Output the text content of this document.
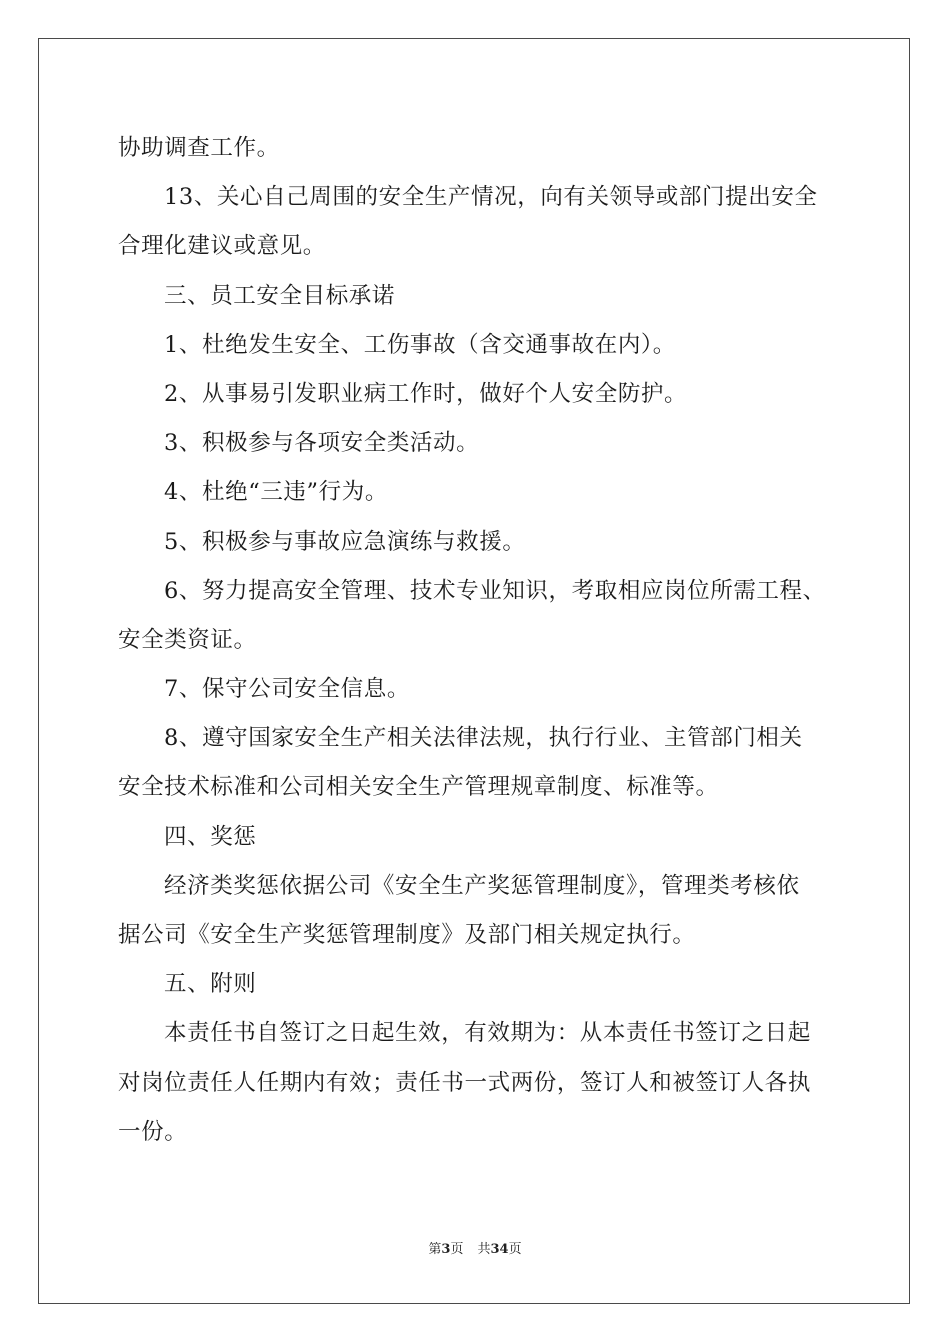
协助调查工作。
13、关心自己周围的安全生产情况，向有关领导或部门提出安全
合理化建议或意见。
三、员工安全目标承诺
1、杜绝发生安全、工伤事故（含交通事故在内）。
2、从事易引发职业病工作时，做好个人安全防护。
3、积极参与各项安全类活动。
4、杜绝“三违”行为。
5、积极参与事故应急演练与救援。
6、努力提高安全管理、技术专业知识，考取相应岗位所需工程、
安全类资证。
7、保守公司安全信息。
8、遵守国家安全生产相关法律法规，执行行业、主管部门相关
安全技术标准和公司相关安全生产管理规章制度、标准等。
四、奖惩
经济类奖惩依据公司《安全生产奖惩管理制度》，管理类考核依
据公司《安全生产奖惩管理制度》及部门相关规定执行。
五、附则
本责任书自签订之日起生效，有效期为：从本责任书签订之日起
对岗位责任人任期内有效；责任书一式两份，签订人和被签订人各执
一份。
第3页 共34页
